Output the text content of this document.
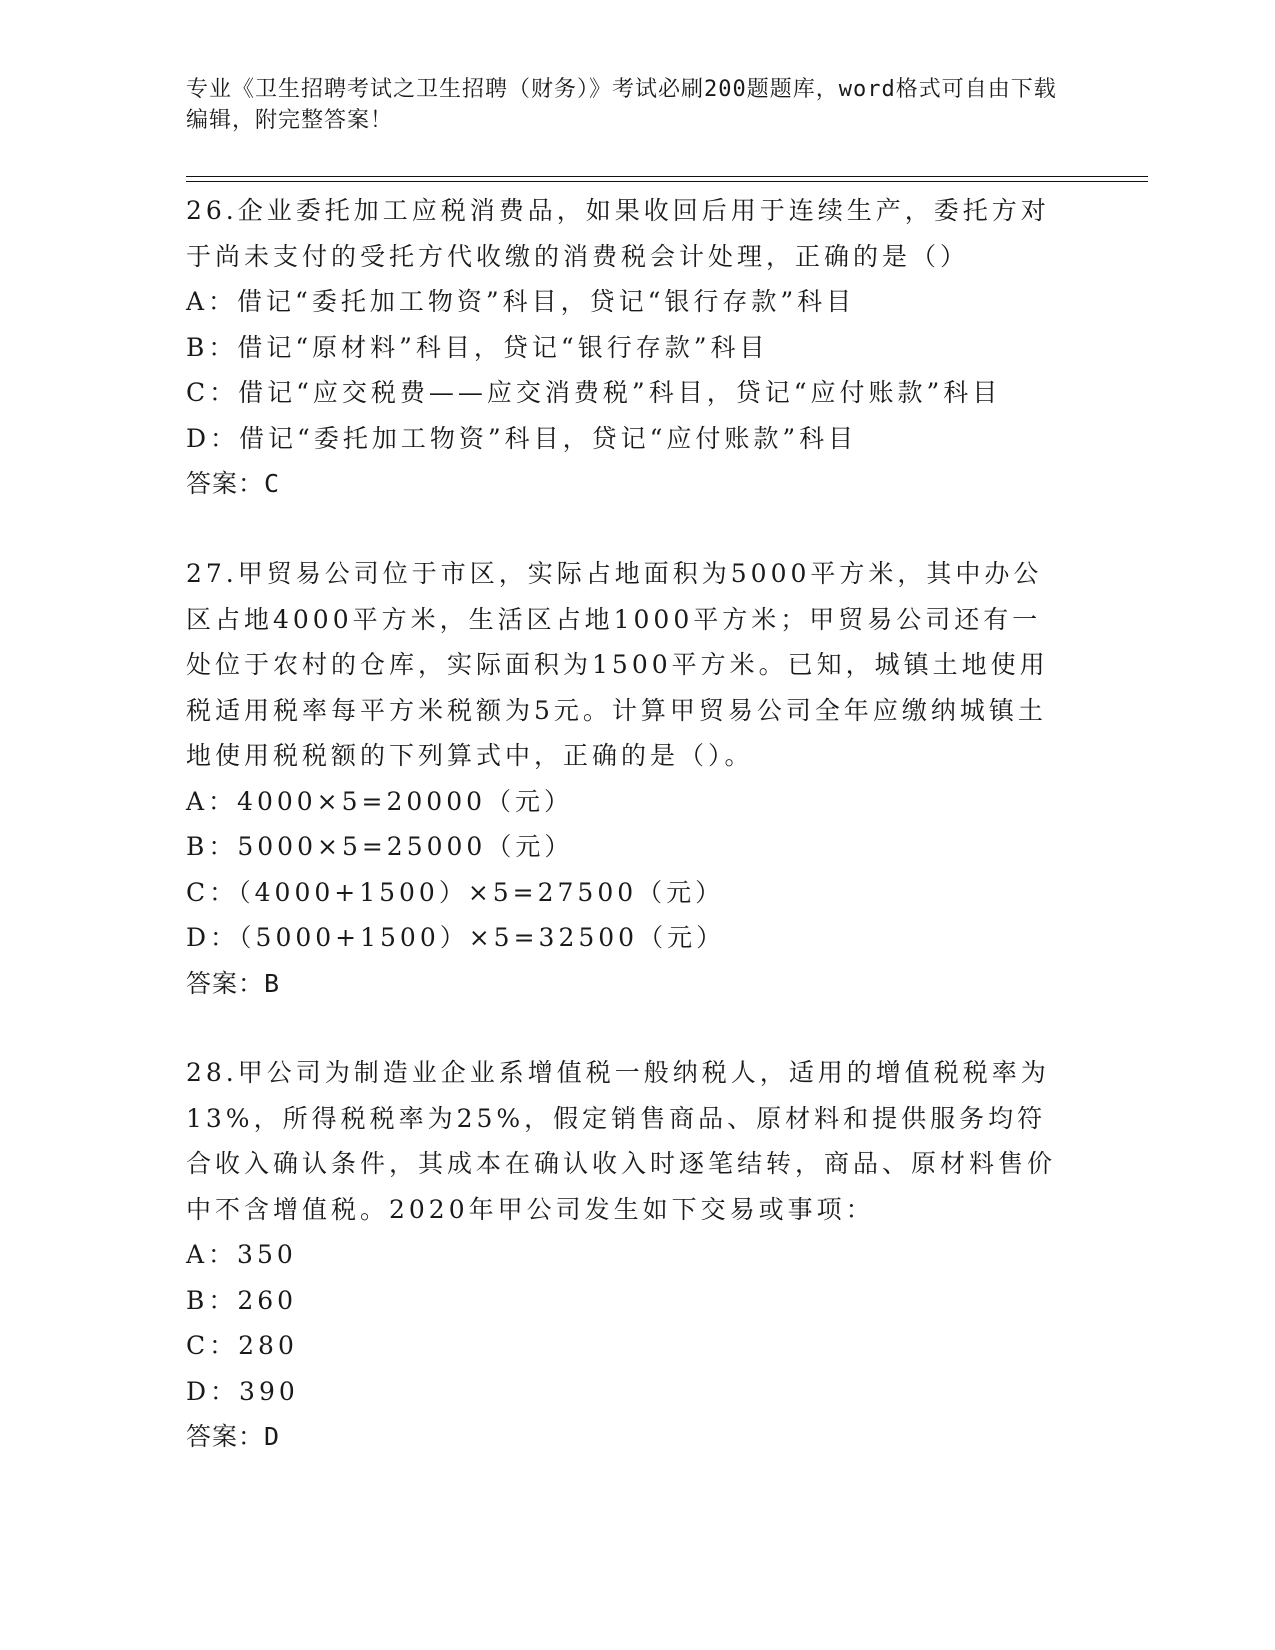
专业《卫生招聘考试之卫生招聘（财务）》考试必刷200题题库，word格式可自由下载编辑，附完整答案！

26.企业委托加工应税消费品，如果收回后用于连续生产，委托方对于尚未支付的受托方代收缴的消费税会计处理，正确的是（）

A：借记“委托加工物资”科目，贷记“银行存款”科目

B：借记“原材料”科目，贷记“银行存款”科目

C：借记“应交税费——应交消费税”科目，贷记“应付账款”科目

D：借记“委托加工物资”科目，贷记“应付账款”科目

答案：C

27.甲贸易公司位于市区，实际占地面积为5000平方米，其中办公区占地4000平方米，生活区占地1000平方米；甲贸易公司还有一处位于农村的仓库，实际面积为1500平方米。已知，城镇土地使用税适用税率每平方米税额为5元。计算甲贸易公司全年应缴纳城镇土地使用税税额的下列算式中，正确的是（）。

A：4000×5=20000（元）

B：5000×5=25000（元）

C：（4000+1500）×5=27500（元）

D：（5000+1500）×5=32500（元）

答案：B

28.甲公司为制造业企业系增值税一般纳税人，适用的增值税税率为13%，所得税税率为25%，假定销售商品、原材料和提供服务均符合收入确认条件，其成本在确认收入时逐笔结转，商品、原材料售价中不含增值税。2020年甲公司发生如下交易或事项：

A：350

B：260

C：280

D：390

答案：D
